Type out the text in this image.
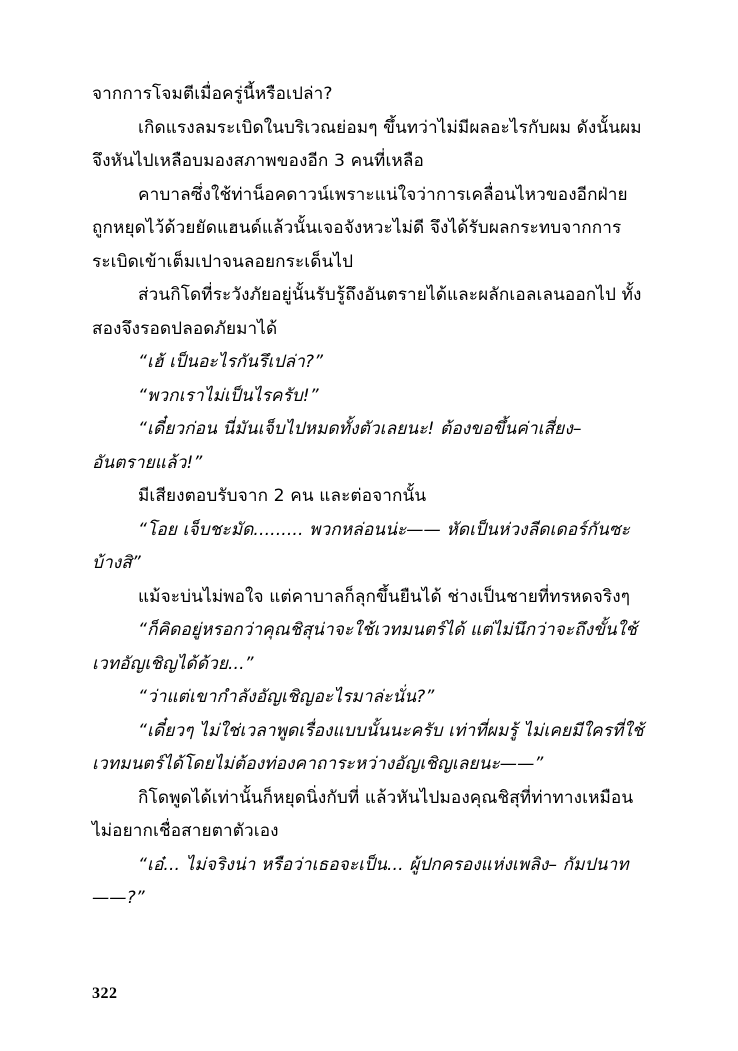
จากการโจมตีเมื่อครู่นี้หรือเปล่า?

เกิดแรงลมระเบิดในบริเวณย่อมๆ ขึ้นทว่าไม่มีผลอะไรกับผม ดังนั้นผมจึงหันไปเหลือบมองสภาพของอีก 3 คนที่เหลือ

คาบาลซึ่งใช้ท่าน็อคดาวน์เพราะแน่ใจว่าการเคลื่อนไหวของอีกฝ่ายถูกหยุดไว้ด้วยยัดแฮนด์แล้วนั้นเจอจังหวะไม่ดี จึงได้รับผลกระทบจากการระเบิดเข้าเต็มเปาจนลอยกระเด็นไป

ส่วนกิโดที่ระวังภัยอยู่นั้นรับรู้ถึงอันตรายได้และผลักเอลเลนออกไป ทั้งสองจึงรอดปลอดภัยมาได้

“เฮ้ เป็นอะไรกันรึเปล่า?”

“พวกเราไม่เป็นไรครับ!”

“เดี๋ยวก่อน นี่มันเจ็บไปหมดทั้งตัวเลยนะ! ต้องขอขึ้นค่าเสี่ยง– อันตรายแล้ว!”

มีเสียงตอบรับจาก 2 คน และต่อจากนั้น

“โอย เจ็บชะมัด......... พวกหล่อนน่ะ—— หัดเป็นห่วงลีดเดอร์กันซะบ้างสิ”

แม้จะบ่นไม่พอใจ แต่คาบาลก็ลุกขึ้นยืนได้ ช่างเป็นชายที่ทรหดจริงๆ

“ก็คิดอยู่หรอกว่าคุณชิสุน่าจะใช้เวทมนตร์ได้ แต่ไม่นึกว่าจะถึงขั้นใช้เวทอัญเชิญได้ด้วย...”

“ว่าแต่เขากำลังอัญเชิญอะไรมาล่ะนั่น?”

“เดี๋ยวๆ ไม่ใช่เวลาพูดเรื่องแบบนั้นนะครับ เท่าที่ผมรู้ ไม่เคยมีใครที่ใช้เวทมนตร์ได้โดยไม่ต้องท่องคาถาระหว่างอัญเชิญเลยนะ——”

กิโดพูดได้เท่านั้นก็หยุดนิ่งกับที่ แล้วหันไปมองคุณชิสุที่ท่าทางเหมือนไม่อยากเชื่อสายตาตัวเอง

“เอ๋... ไม่จริงน่า หรือว่าเธอจะเป็น... ผู้ปกครองแห่งเพลิง– กัมปนาท——?”

322
